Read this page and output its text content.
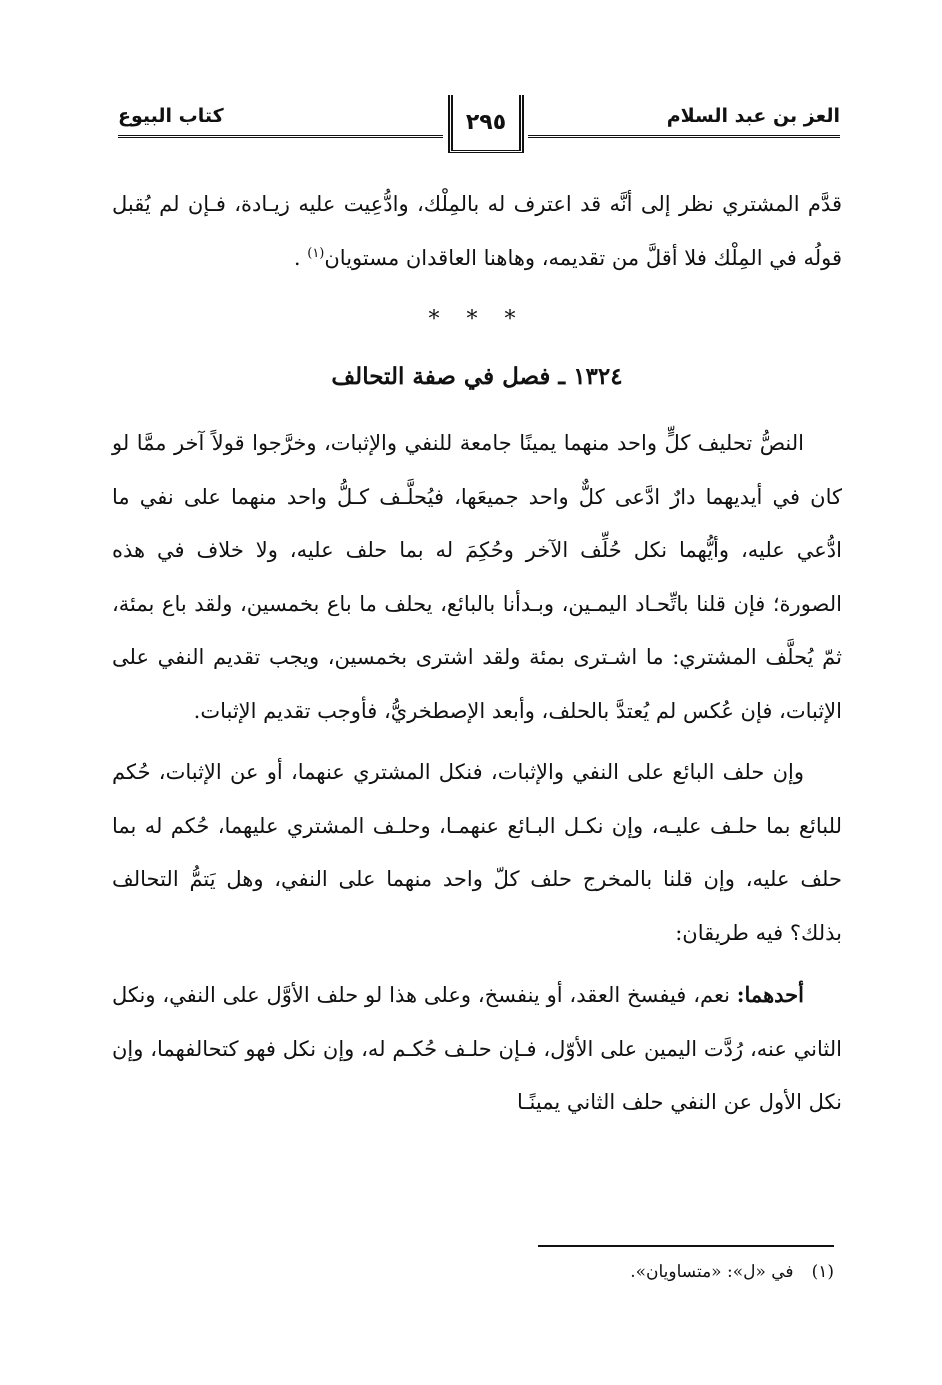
كتاب البيوع	٢٩٥	العز بن عبد السلام

قدَّم المشتري نظر إلى أنَّه قد اعترف له بالمِلْك، وادُّعِيت عليه زيـادة، فـإن لم يُقبل قولُه في المِلْك فلا أقلَّ من تقديمه، وهاهنا العاقدان مستويان$^{(١)}$ .

* * *
١٣٢٤ ـ فصل في صفة التحالف

النصُّ تحليف كلٍّ واحد منهما يمينًا جامعة للنفي والإثبات، وخرَّجوا قولاً آخر ممَّا لو كان في أيديهما دارٌ ادَّعى كلٌّ واحد جميعَها، فيُحلَّـف كـلُّ واحد منهما على نفي ما ادُّعي عليه، وأيُّهما نكل حُلِّف الآخر وحُكِمَ له بما حلف عليه، ولا خلاف في هذه الصورة؛ فإن قلنا باتِّحـاد اليمـين، وبـدأنا بالبائع، يحلف ما باع بخمسين، ولقد باع بمئة، ثمّ يُحلَّف المشتري: ما اشـترى بمئة ولقد اشترى بخمسين، ويجب تقديم النفي على الإثبات، فإن عُكس لم يُعتدَّ بالحلف، وأبعد الإصطخريُّ، فأوجب تقديم الإثبات.

وإن حلف البائع على النفي والإثبات، فنكل المشتري عنهما، أو عن الإثبات، حُكم للبائع بما حلـف عليـه، وإن نكـل البـائع عنهمـا، وحلـف المشتري عليهما، حُكم له بما حلف عليه، وإن قلنا بالمخرج حلف كلّ واحد منهما على النفي، وهل يَتمُّ التحالف بذلك؟ فيه طريقان:

أحدهما: نعم، فيفسخ العقد، أو ينفسخ، وعلى هذا لو حلف الأوَّل على النفي، ونكل الثاني عنه، رُدَّت اليمين على الأوّل، فـإن حلـف حُكـم له، وإن نكل فهو كتحالفهما، وإن نكل الأول عن النفي حلف الثاني يمينًـا

(١)في «ل»: «متساويان».
